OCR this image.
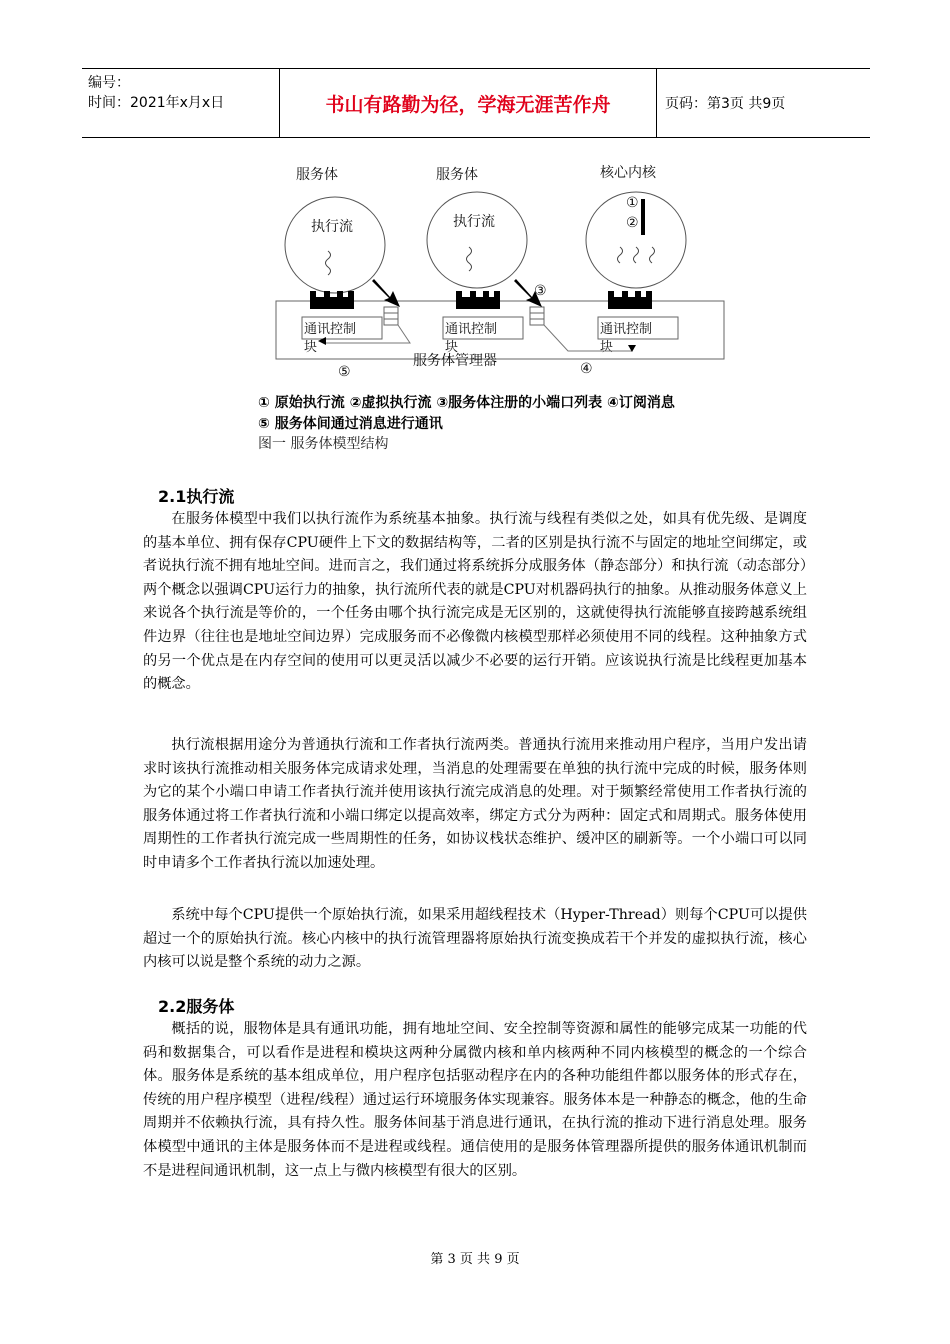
编号：
时间：2021年x月x日	书山有路勤为径，学海无涯苦作舟	页码：第3页 共9页
服务体	服务体	核心内核
执行流	执行流
①
②
服务体管理器
通讯控制
块
通讯控制
块
通讯控制
块
③
⑤	④
① 原始执行流 ②虚拟执行流 ③服务体注册的小端口列表 ④订阅消息
⑤ 服务体间通过消息进行通讯
图一 服务体模型结构
2.1执行流
在服务体模型中我们以执行流作为系统基本抽象。执行流与线程有类似之处，如具有优先级、是调度的基本单位、拥有保存CPU硬件上下文的数据结构等，二者的区别是执行流不与固定的地址空间绑定，或者说执行流不拥有地址空间。进而言之，我们通过将系统拆分成服务体（静态部分）和执行流（动态部分）两个概念以强调CPU运行力的抽象，执行流所代表的就是CPU对机器码执行的抽象。从推动服务体意义上来说各个执行流是等价的，一个任务由哪个执行流完成是无区别的，这就使得执行流能够直接跨越系统组件边界（往往也是地址空间边界）完成服务而不必像微内核模型那样必须使用不同的线程。这种抽象方式的另一个优点是在内存空间的使用可以更灵活以减少不必要的运行开销。应该说执行流是比线程更加基本的概念。
执行流根据用途分为普通执行流和工作者执行流两类。普通执行流用来推动用户程序，当用户发出请求时该执行流推动相关服务体完成请求处理，当消息的处理需要在单独的执行流中完成的时候，服务体则为它的某个小端口申请工作者执行流并使用该执行流完成消息的处理。对于频繁经常使用工作者执行流的服务体通过将工作者执行流和小端口绑定以提高效率，绑定方式分为两种：固定式和周期式。服务体使用周期性的工作者执行流完成一些周期性的任务，如协议栈状态维护、缓冲区的刷新等。一个小端口可以同时申请多个工作者执行流以加速处理。
系统中每个CPU提供一个原始执行流，如果采用超线程技术（Hyper-Thread）则每个CPU可以提供超过一个的原始执行流。核心内核中的执行流管理器将原始执行流变换成若干个并发的虚拟执行流，核心内核可以说是整个系统的动力之源。
2.2服务体
概括的说，服物体是具有通讯功能，拥有地址空间、安全控制等资源和属性的能够完成某一功能的代码和数据集合，可以看作是进程和模块这两种分属微内核和单内核两种不同内核模型的概念的一个综合体。服务体是系统的基本组成单位，用户程序包括驱动程序在内的各种功能组件都以服务体的形式存在，传统的用户程序模型（进程/线程）通过运行环境服务体实现兼容。服务体本是一种静态的概念，他的生命周期并不依赖执行流，具有持久性。服务体间基于消息进行通讯，在执行流的推动下进行消息处理。服务体模型中通讯的主体是服务体而不是进程或线程。通信使用的是服务体管理器所提供的服务体通讯机制而不是进程间通讯机制，这一点上与微内核模型有很大的区别。
第 3 页 共 9 页
